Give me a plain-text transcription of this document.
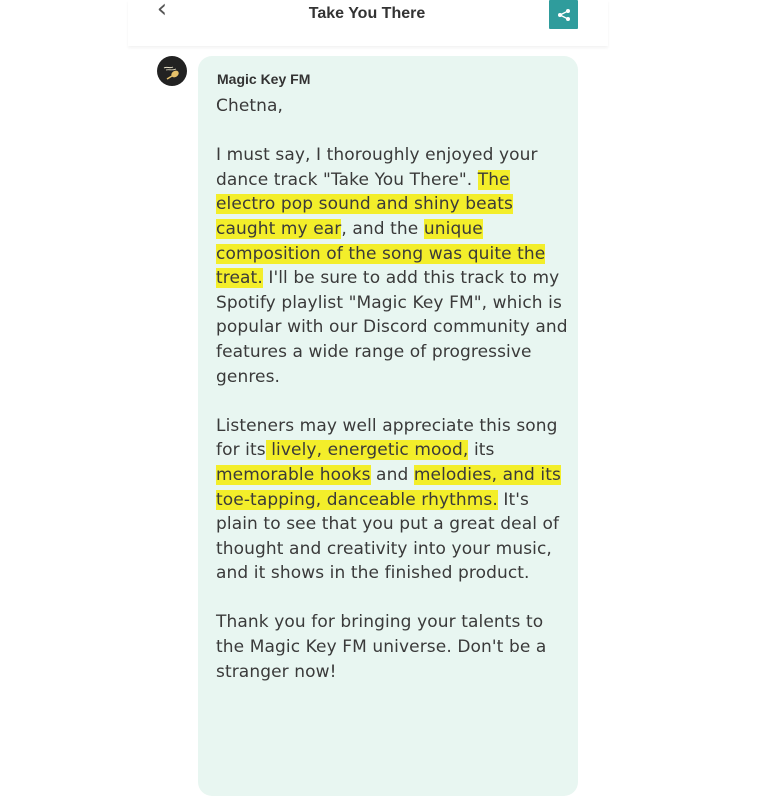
‹	Take You There
Magic Key FM

Chetna,

I must say, I thoroughly enjoyed your dance track "Take You There". The electro pop sound and shiny beats caught my ear, and the unique composition of the song was quite the treat. I'll be sure to add this track to my Spotify playlist "Magic Key FM", which is popular with our Discord community and features a wide range of progressive genres.

Listeners may well appreciate this song for its lively, energetic mood, its memorable hooks and melodies, and its toe-tapping, danceable rhythms. It's plain to see that you put a great deal of thought and creativity into your music, and it shows in the finished product.

Thank you for bringing your talents to the Magic Key FM universe. Don't be a stranger now!
